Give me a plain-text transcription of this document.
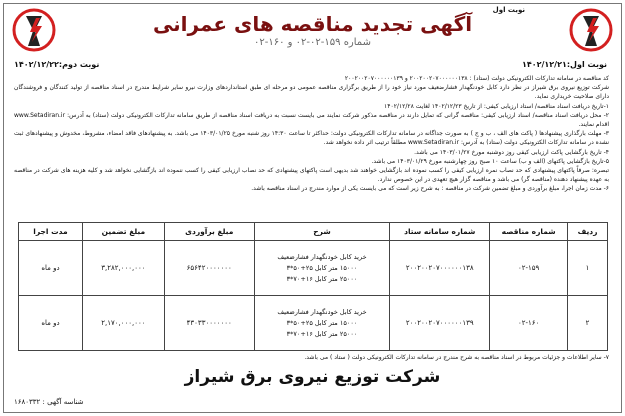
نوبت اول
آگهی تجدید مناقصه های عمرانی
شماره ۱۵۹-۰۲-۰۲ و ۱۶۰-۰۲
نوبت اول:۱۴۰۲/۱۲/۲۱
نوبت دوم:۱۴۰۲/۱۲/۲۲

کد مناقصه در سامانه تدارکات الکترونیکی دولت (ستاد) : ۲۰۰۲۰۰۲۰۷۰۰۰۰۰۰۱۳۸ و ۲۰۰۲۰۰۲۰۷۰۰۰۰۰۰۱۳۹

شرکت توزیع نیروی برق شیراز در نظر دارد کابل خودنگهدار فشارضعیف مورد نیاز خود را از طریق برگزاری مناقصه عمومی دو مرحله ای طبق استانداردهای وزارت نیرو سایر شرایط مندرج در اسناد مناقصه از تولید کنندگان و فروشندگان دارای صلاحیت خریداری نماید.

۱-تاریخ دریافت اسناد مناقصه/ استاد ارزیابی کیفی: از تاریخ ۱۴۰۲/۱۲/۲۳ لغایت ۱۴۰۲/۱۲/۲۸

۲- محل دریافت اسناد مناقصه/ اسناد ارزیابی کیفی: مناقصه گرانی که تمایل دارند در مناقصه مذکور شرکت نمایند می بایست نسبت به دریافت اسناد مناقصه از طریق سامانه تدارکات الکترونیکی دولت (ستاد) به آدرس: www.Setadiran.ir اقدام نمایند.

۳- مهلت بارگذاری پیشنهادها ( پاکت های الف ، ب و ج ) به صورت جداگانه در سامانه تدارکات الکترونیکی دولت: حداکثر تا ساعت ۱۴:۳۰ روز شنبه مورخ ۱۴۰۳/۰۱/۲۵ می باشد. به پیشنهادهای فاقد امضاء، مشروط، مخدوش و پیشنهادهای ثبت نشده در سامانه تدارکات الکترونیکی دولت (ستاد) به آدرس: www.Setadiran.ir مطلقاً ترتیب اثر داده نخواهد شد.

۴- تاریخ بارگشایی پاکت ارزیابی کیفی روز دوشنبه مورخ ۱۴۰۳/۰۱/۲۷ می باشد.

۵-تاریخ بازگشایی پاکتهای (الف و ب) ساعت ۱۰ صبح روز چهارشنبه مورخ ۱۴۰۳/۰۱/۲۹ می باشد.

تبصره: صرفاً پاکتهای پیشنهادی که حد نصاب نمره ارزیابی کیفی را کسب نموده اند بازگشایی خواهند شد بدیهی است پاکتهای پیشنهادی که حد نصاب ارزیابی کیفی را کسب ننموده اند بازگشایی نخواهد شد و کلیه هزینه های شرکت در مناقصه به عهده پیشنهاد دهنده (مناقصه گر) می باشد و مناقصه گزار هیچ تعهدی در این خصوص ندارد.

۶- مدت زمان اجرا، مبلغ برآوردی و مبلغ تضمین شرکت در مناقصه : به شرح زیر است که می بایست یکی از موارد مندرج در اسناد مناقصه باشد.

ردیف	شماره مناقصه	شماره سامانه ستاد	شرح	مبلغ برآوردی	مبلغ تضمین	مدت اجرا
۱	۰۲-۱۵۹	۲۰۰۲۰۰۲۰۷۰۰۰۰۰۰۱۳۸	خرید کابل خودنگهدار فشارضعیف
۱۵۰۰۰ متر کابل ۲۵+۵۰*۳
۲۵۰۰۰ متر کابل ۱۶+۷۰*۳	۶۵۶۴۲۰۰۰۰۰۰۰	۳,۲۸۲,۰۰۰,۰۰۰	دو ماه
۲	۰۲-۱۶۰	۲۰۰۲۰۰۲۰۷۰۰۰۰۰۰۱۳۹	خرید کابل خودنگهدار فشارضعیف
۱۵۰۰۰ متر کابل ۲۵+۵۰*۳
۲۵۰۰۰ متر کابل ۱۶+۷۰*۳	۴۳۰۳۳۰۰۰۰۰۰۰	۲,۱۷۰,۰۰۰,۰۰۰	دو ماه
۷- سایر اطلاعات و جزئیات مربوط در اسناد مناقصه به شرح مندرج در سامانه تدارکات الکترونیکی دولت ( ستاد ) می باشد.
شرکت توزیع نیروی برق شیراز
شناسه آگهی : ۱۶۸۰۳۳۲
